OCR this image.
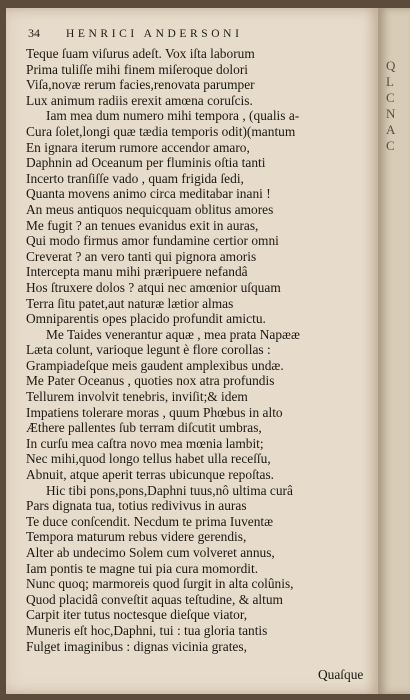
34 HENRICI ANDERSONI
Teque ſuam viſurus adeſt. Vox iſta laborum
Prima tuliſſe mihi finem miſeroque dolori
Viſa,novæ rerum facies,renovata parumper
Lux animum radiis erexit amœna coruſcis.
Iam mea dum numero mihi tempora , (qualis a-
Cura ſolet,longi quæ tædia temporis odit)(mantum
En ignara iterum rumore accendor amaro,
Daphnin ad Oceanum per fluminis oſtia tanti
Incerto tranſiſſe vado , quam frigida ſedi,
Quanta movens animo circa meditabar inani !
An meus antiquos nequicquam oblitus amores
Me fugit ? an tenues evanidus exit in auras,
Qui modo firmus amor fundamine certior omni
Creverat ? an vero tanti qui pignora amoris
Intercepta manu mihi præripuere nefandâ
Hos ſtruxere dolos ? atqui nec amœnior uſquam
Terra ſitu patet,aut naturæ lætior almas
Omniparentis opes placido profundit amictu.
Me Taides venerantur aquæ , mea prata Napææ
Læta colunt, varioque legunt è flore corollas :
Grampiadeſque meis gaudent amplexibus undæ.
Me Pater Oceanus , quoties nox atra profundis
Tellurem involvit tenebris, inviſit;& idem
Impatiens tolerare moras , quum Phœbus in alto
Æthere pallentes ſub terram diſcutit umbras,
In curſu mea caſtra novo mea mœnia lambit;
Nec mihi,quod longo tellus habet ulla receſſu,
Abnuit, atque aperit terras ubicunque repoſtas.
Hic tibi pons,pons,Daphni tuus,nô ultima curâ
Pars dignata tua, totius redivivus in auras
Te duce conſcendit. Necdum te prima Iuventæ
Tempora maturum rebus videre gerendis,
Alter ab undecimo Solem cum volveret annus,
Iam pontis te magne tui pia cura momordit.
Nunc quoq; marmoreis quod ſurgit in alta colûnis,
Quod placidâ conveſtit aquas teſtudine, & altum
Carpit iter tutus noctesque dieſque viator,
Muneris eſt hoc,Daphni, tui : tua gloria tantis
Fulget imaginibus : dignas vicinia grates,
Quaſque
Q
L
C
N
A
C
